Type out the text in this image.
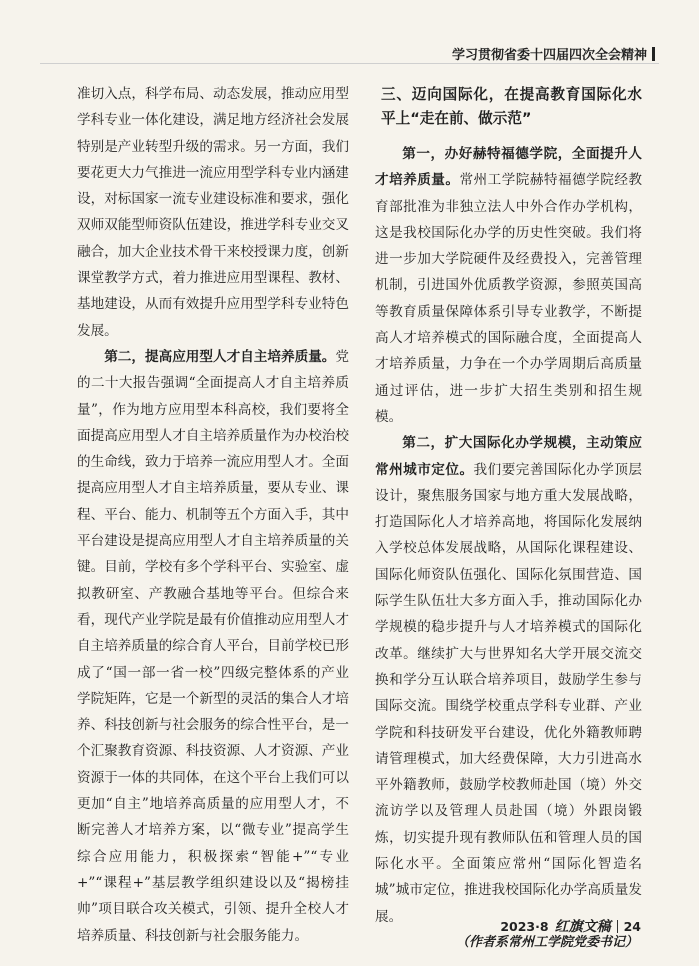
学习贯彻省委十四届四次全会精神

准切入点，科学布局、动态发展，推动应用型学科专业一体化建设，满足地方经济社会发展特别是产业转型升级的需求。另一方面，我们要花更大力气推进一流应用型学科专业内涵建设，对标国家一流专业建设标准和要求，强化双师双能型师资队伍建设，推进学科专业交叉融合，加大企业技术骨干来校授课力度，创新课堂教学方式，着力推进应用型课程、教材、基地建设，从而有效提升应用型学科专业特色发展。

第二，提高应用型人才自主培养质量。党的二十大报告强调“全面提高人才自主培养质量”，作为地方应用型本科高校，我们要将全面提高应用型人才自主培养质量作为办校治校的生命线，致力于培养一流应用型人才。全面提高应用型人才自主培养质量，要从专业、课程、平台、能力、机制等五个方面入手，其中平台建设是提高应用型人才自主培养质量的关键。目前，学校有多个学科平台、实验室、虚拟教研室、产教融合基地等平台。但综合来看，现代产业学院是最有价值推动应用型人才自主培养质量的综合育人平台，目前学校已形成了“国一部一省一校”四级完整体系的产业学院矩阵，它是一个新型的灵活的集合人才培养、科技创新与社会服务的综合性平台，是一个汇聚教育资源、科技资源、人才资源、产业资源于一体的共同体，在这个平台上我们可以更加“自主”地培养高质量的应用型人才，不断完善人才培养方案，以“微专业”提高学生综合应用能力，积极探索“智能+”“专业+”“课程+”基层教学组织建设以及“揭榜挂帅”项目联合攻关模式，引领、提升全校人才培养质量、科技创新与社会服务能力。

三、迈向国际化，在提高教育国际化水平上“走在前、做示范”

第一，办好赫特福德学院，全面提升人才培养质量。常州工学院赫特福德学院经教育部批准为非独立法人中外合作办学机构，这是我校国际化办学的历史性突破。我们将进一步加大学院硬件及经费投入，完善管理机制，引进国外优质教学资源，参照英国高等教育质量保障体系引导专业教学，不断提高人才培养模式的国际融合度，全面提高人才培养质量，力争在一个办学周期后高质量通过评估，进一步扩大招生类别和招生规模。

第二，扩大国际化办学规模，主动策应常州城市定位。我们要完善国际化办学顶层设计，聚焦服务国家与地方重大发展战略，打造国际化人才培养高地，将国际化发展纳入学校总体发展战略，从国际化课程建设、国际化师资队伍强化、国际化氛围营造、国际学生队伍壮大多方面入手，推动国际化办学规模的稳步提升与人才培养模式的国际化改革。继续扩大与世界知名大学开展交流交换和学分互认联合培养项目，鼓励学生参与国际交流。围绕学校重点学科专业群、产业学院和科技研发平台建设，优化外籍教师聘请管理模式，加大经费保障，大力引进高水平外籍教师，鼓励学校教师赴国（境）外交流访学以及管理人员赴国（境）外跟岗锻炼，切实提升现有教师队伍和管理人员的国际化水平。全面策应常州“国际化智造名城”城市定位，推进我校国际化办学高质量发展。

（作者系常州工学院党委书记）

2023·8 红旗文稿 24
